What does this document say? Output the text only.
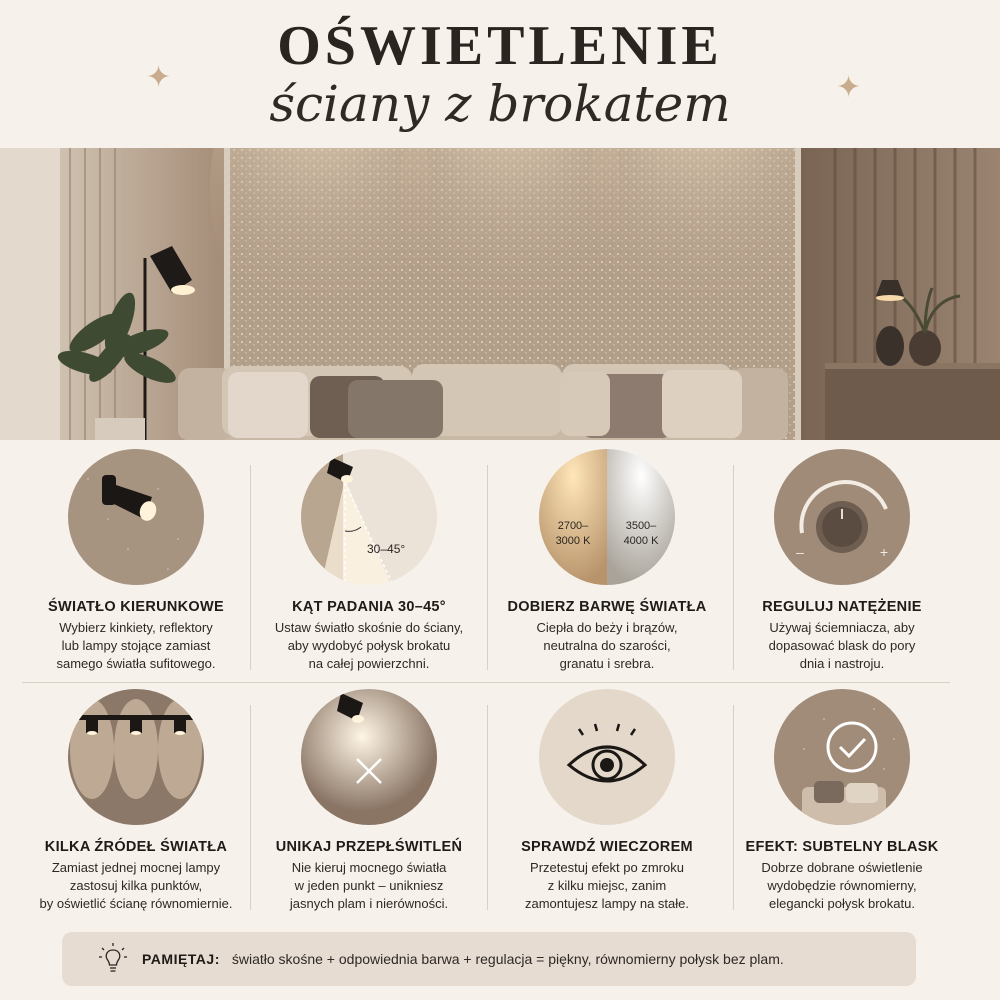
OŚWIETLENIE
ściany z brokatem
✦	✦
ŚWIATŁO KIERUNKOWE

Wybierz kinkiety, reflektory
lub lampy stojące zamiast
samego światła sufitowego.

30–45°
KĄT PADANIA 30–45°

Ustaw światło skośnie do ściany,
aby wydobyć połysk brokatu
na całej powierzchni.

2700–
3000 K
3500–
4000 K
DOBIERZ BARWĘ ŚWIATŁA

Ciepła do beży i brązów,
neutralna do szarości,
granatu i srebra.

–	+
REGULUJ NATĘŻENIE

Używaj ściemniacza, aby
dopasować blask do pory
dnia i nastroju.

KILKA ŹRÓDEŁ ŚWIATŁA

Zamiast jednej mocnej lampy
zastosuj kilka punktów,
by oświetlić ścianę równomiernie.

UNIKAJ PRZEPŁŚWITLEŃ

Nie kieruj mocnego światła
w jeden punkt – unikniesz
jasnych plam i nierówności.

SPRAWDŹ WIECZOREM

Przetestuj efekt po zmroku
z kilku miejsc, zanim
zamontujesz lampy na stałe.

EFEKT: SUBTELNY BLASK

Dobrze dobrane oświetlenie
wydobędzie równomierny,
elegancki połysk brokatu.

PAMIĘTAJ: światło skośne + odpowiednia barwa + regulacja = piękny, równomierny połysk bez plam.
